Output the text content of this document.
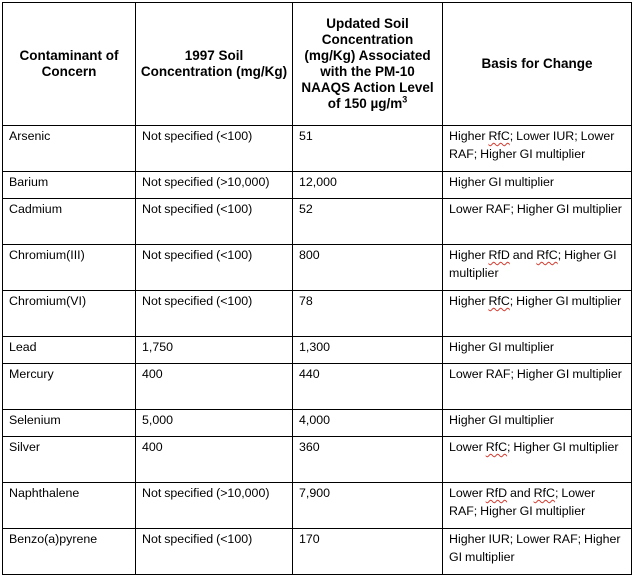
Contaminant of Concern	1997 Soil Concentration (mg/Kg)	Updated Soil Concentration (mg/Kg) Associated with the PM-10 NAAQS Action Level of 150 $\mu g/m^3$	Basis for Change
Arsenic	Not specified (<100)	51	Higher RfC; Lower IUR; Lower RAF; Higher GI multiplier
Barium	Not specified (>10,000)	12,000	Higher GI multiplier
Cadmium	Not specified (<100)	52	Lower RAF; Higher GI multiplier
Chromium(III)	Not specified (<100)	800	Higher RfD and RfC; Higher GI multiplier
Chromium(VI)	Not specified (<100)	78	Higher RfC; Higher GI multiplier
Lead	1,750	1,300	Higher GI multiplier
Mercury	400	440	Lower RAF; Higher GI multiplier
Selenium	5,000	4,000	Higher GI multiplier
Silver	400	360	Lower RfC; Higher GI multiplier
Naphthalene	Not specified (>10,000)	7,900	Lower RfD and RfC; Lower RAF; Higher GI multiplier
Benzo(a)pyrene	Not specified (<100)	170	Higher IUR; Lower RAF; Higher GI multiplier
